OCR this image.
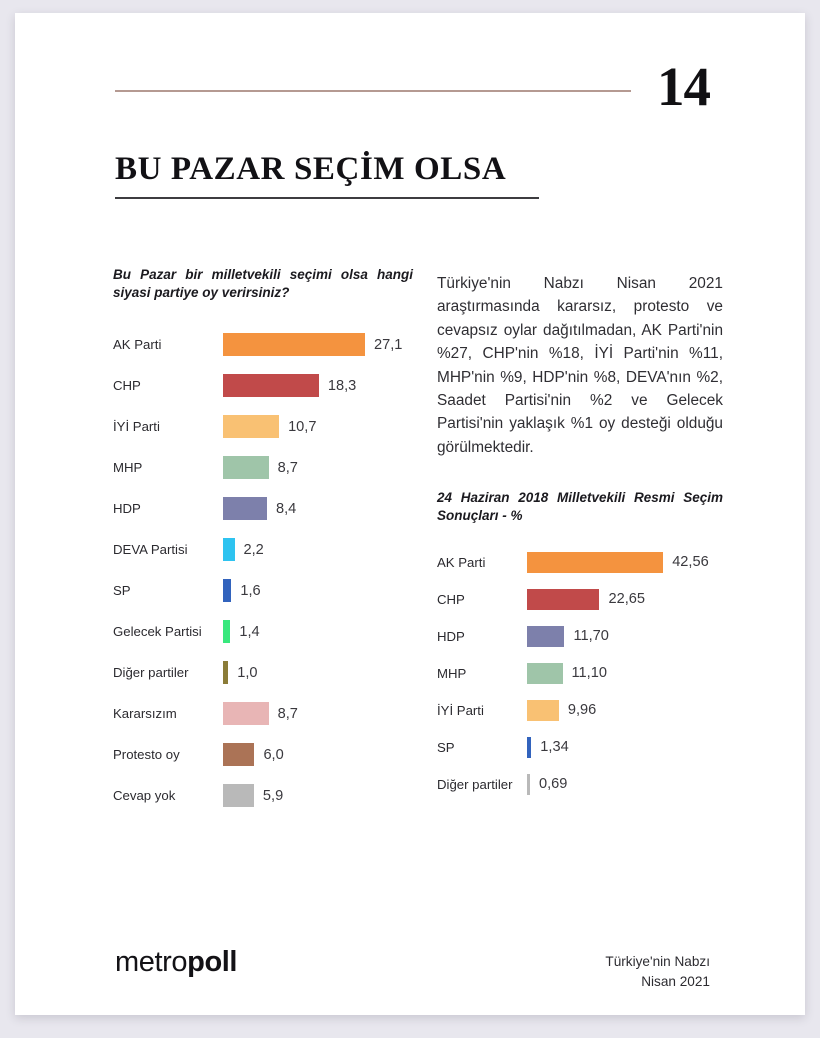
14
BU PAZAR SEÇİM OLSA

Bu Pazar bir milletvekili seçimi olsa hangi siyasi partiye oy verirsiniz?

AK Parti	27,1
CHP	18,3
İYİ Parti	10,7
MHP	8,7
HDP	8,4
DEVA Partisi	2,2
SP	1,6
Gelecek Partisi	1,4
Diğer partiler	1,0
Kararsızım	8,7
Protesto oy	6,0
Cevap yok	5,9

Türkiye'nin Nabzı Nisan 2021 araştırmasında kararsız, protesto ve cevapsız oylar dağıtılmadan, AK Parti'nin %27, CHP'nin %18, İYİ Parti'nin %11, MHP'nin %9, HDP'nin %8, DEVA'nın %2, Saadet Partisi'nin %2 ve Gelecek Partisi'nin yaklaşık %1 oy desteği olduğu görülmektedir.

24 Haziran 2018 Milletvekili Resmi Seçim Sonuçları - %

AK Parti	42,56
CHP	22,65
HDP	11,70
MHP	11,10
İYİ Parti	9,96
SP	1,34
Diğer partiler	0,69
metropoll	Türkiye'nin Nabzı
Nisan 2021
